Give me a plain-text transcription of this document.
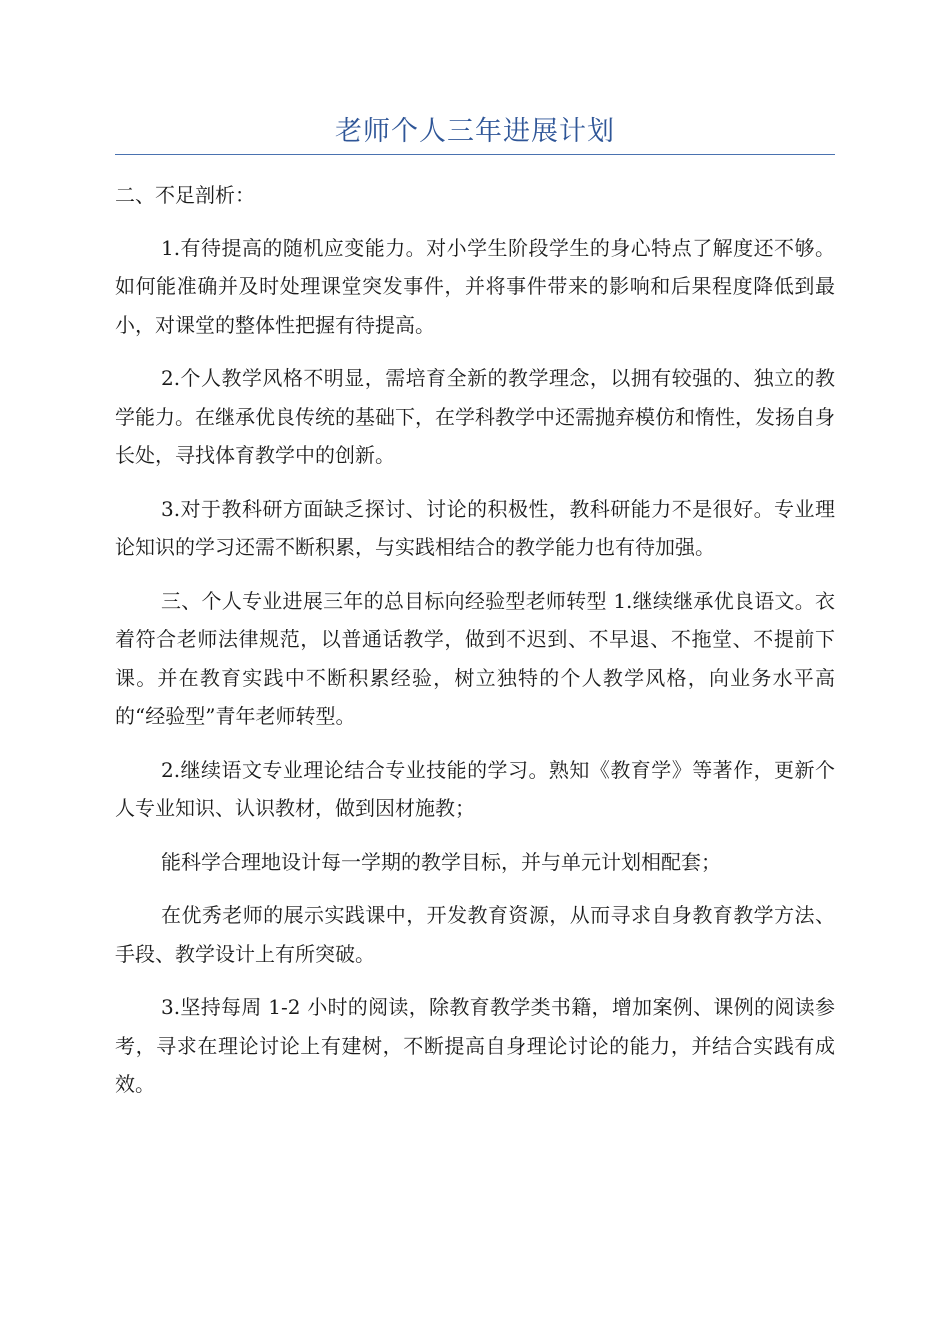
老师个人三年进展计划

二、不足剖析：

1.有待提高的随机应变能力。对小学生阶段学生的身心特点了解度还不够。如何能准确并及时处理课堂突发事件，并将事件带来的影响和后果程度降低到最小，对课堂的整体性把握有待提高。

2.个人教学风格不明显，需培育全新的教学理念，以拥有较强的、独立的教学能力。在继承优良传统的基础下，在学科教学中还需抛弃模仿和惰性，发扬自身长处，寻找体育教学中的创新。

3.对于教科研方面缺乏探讨、讨论的积极性，教科研能力不是很好。专业理论知识的学习还需不断积累，与实践相结合的教学能力也有待加强。

三、个人专业进展三年的总目标向经验型老师转型 1.继续继承优良语文。衣着符合老师法律规范，以普通话教学，做到不迟到、不早退、不拖堂、不提前下课。并在教育实践中不断积累经验，树立独特的个人教学风格，向业务水平高的“经验型”青年老师转型。

2.继续语文专业理论结合专业技能的学习。熟知《教育学》等著作，更新个人专业知识、认识教材，做到因材施教；

能科学合理地设计每一学期的教学目标，并与单元计划相配套；

在优秀老师的展示实践课中，开发教育资源，从而寻求自身教育教学方法、手段、教学设计上有所突破。

3.坚持每周 1-2 小时的阅读，除教育教学类书籍，增加案例、课例的阅读参考，寻求在理论讨论上有建树，不断提高自身理论讨论的能力，并结合实践有成效。
